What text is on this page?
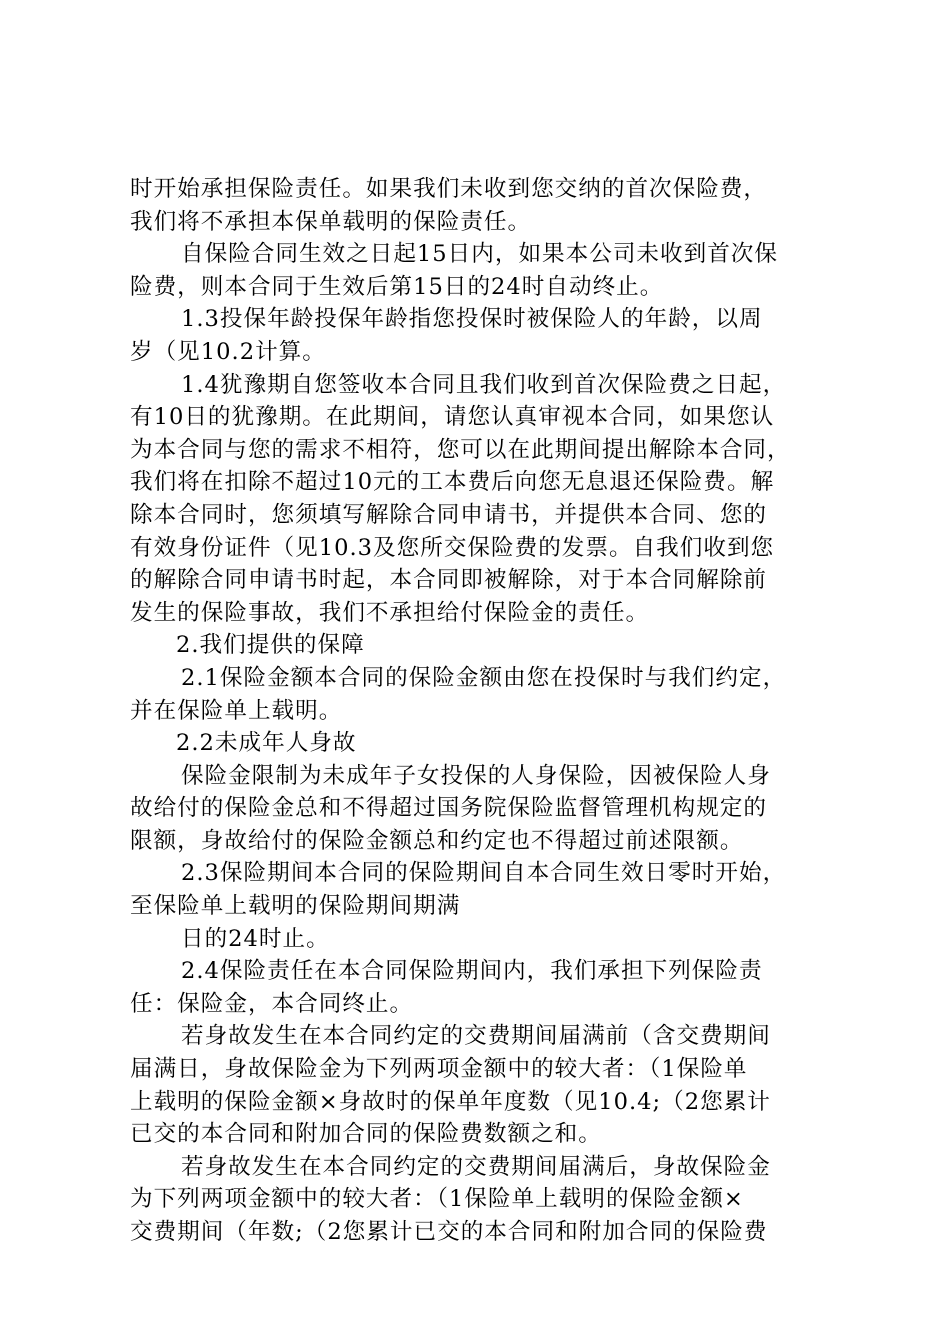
时开始承担保险责任。如果我们未收到您交纳的首次保险费，
我们将不承担本保单载明的保险责任。
自保险合同生效之日起15日内，如果本公司未收到首次保
险费，则本合同于生效后第15日的24时自动终止。
1.3投保年龄投保年龄指您投保时被保险人的年龄，以周
岁（见10.2计算。
1.4犹豫期自您签收本合同且我们收到首次保险费之日起，
有10日的犹豫期。在此期间，请您认真审视本合同，如果您认
为本合同与您的需求不相符，您可以在此期间提出解除本合同，
我们将在扣除不超过10元的工本费后向您无息退还保险费。解
除本合同时，您须填写解除合同申请书，并提供本合同、您的
有效身份证件（见10.3及您所交保险费的发票。自我们收到您
的解除合同申请书时起，本合同即被解除，对于本合同解除前
发生的保险事故，我们不承担给付保险金的责任。
2.我们提供的保障
2.1保险金额本合同的保险金额由您在投保时与我们约定，
并在保险单上载明。
2.2未成年人身故
保险金限制为未成年子女投保的人身保险，因被保险人身
故给付的保险金总和不得超过国务院保险监督管理机构规定的
限额，身故给付的保险金额总和约定也不得超过前述限额。
2.3保险期间本合同的保险期间自本合同生效日零时开始，
至保险单上载明的保险期间期满
日的24时止。
2.4保险责任在本合同保险期间内，我们承担下列保险责
任：保险金，本合同终止。
若身故发生在本合同约定的交费期间届满前（含交费期间
届满日，身故保险金为下列两项金额中的较大者：（1保险单
上载明的保险金额×身故时的保单年度数（见10.4;（2您累计
已交的本合同和附加合同的保险费数额之和。
若身故发生在本合同约定的交费期间届满后，身故保险金
为下列两项金额中的较大者：（1保险单上载明的保险金额×
交费期间（年数;（2您累计已交的本合同和附加合同的保险费
